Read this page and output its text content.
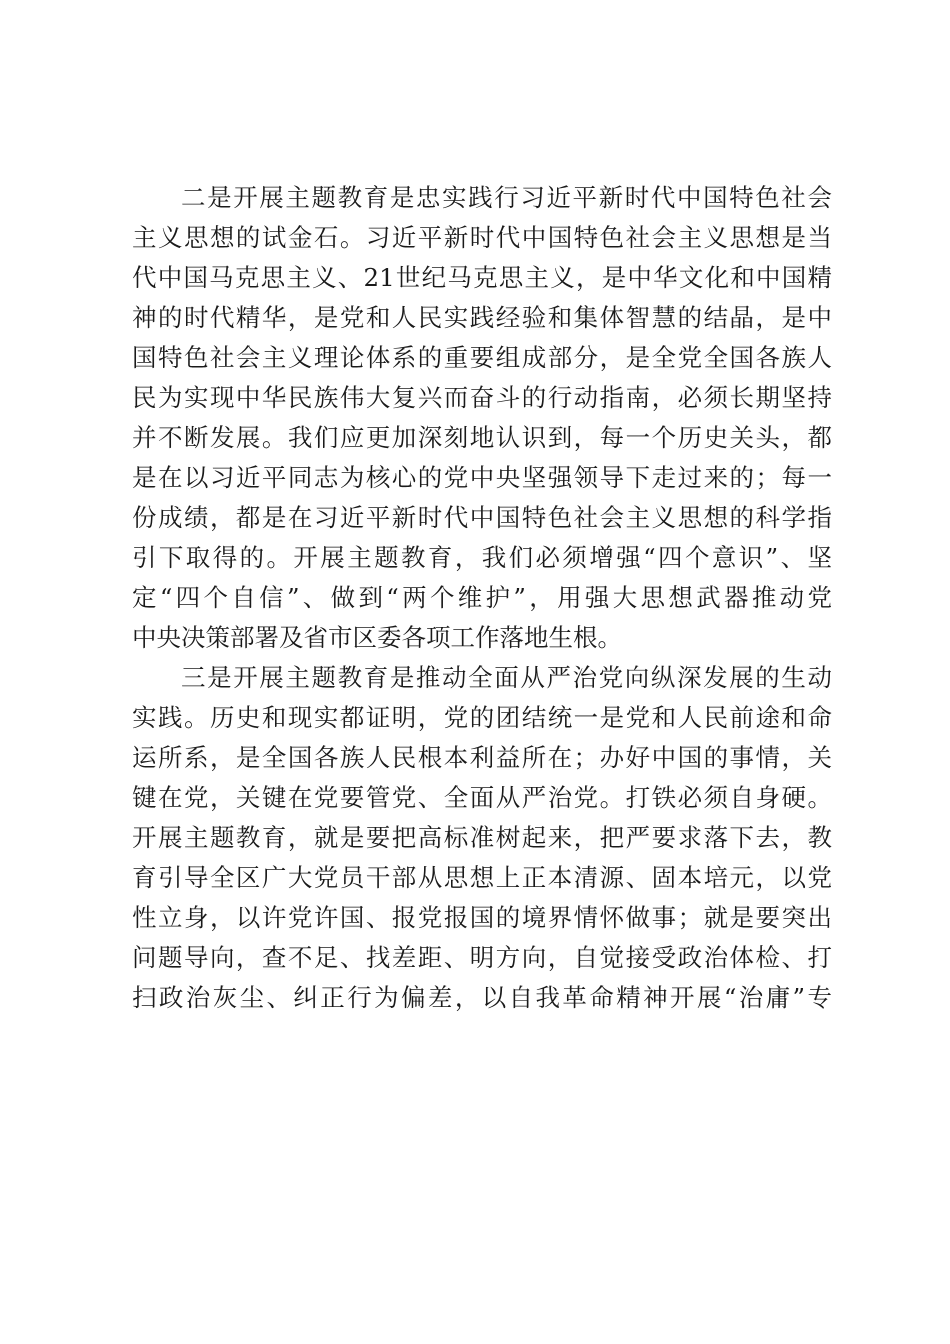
二是开展主题教育是忠实践行习近平新时代中国特色社会
主义思想的试金石。习近平新时代中国特色社会主义思想是当
代中国马克思主义、21世纪马克思主义，是中华文化和中国精
神的时代精华，是党和人民实践经验和集体智慧的结晶，是中
国特色社会主义理论体系的重要组成部分，是全党全国各族人
民为实现中华民族伟大复兴而奋斗的行动指南，必须长期坚持
并不断发展。我们应更加深刻地认识到，每一个历史关头，都
是在以习近平同志为核心的党中央坚强领导下走过来的；每一
份成绩，都是在习近平新时代中国特色社会主义思想的科学指
引下取得的。开展主题教育，我们必须增强“四个意识”、坚
定“四个自信”、做到“两个维护”，用强大思想武器推动党
中央决策部署及省市区委各项工作落地生根。
三是开展主题教育是推动全面从严治党向纵深发展的生动
实践。历史和现实都证明，党的团结统一是党和人民前途和命
运所系，是全国各族人民根本利益所在；办好中国的事情，关
键在党，关键在党要管党、全面从严治党。打铁必须自身硬。
开展主题教育，就是要把高标准树起来，把严要求落下去，教
育引导全区广大党员干部从思想上正本清源、固本培元，以党
性立身，以许党许国、报党报国的境界情怀做事；就是要突出
问题导向，查不足、找差距、明方向，自觉接受政治体检、打
扫政治灰尘、纠正行为偏差，以自我革命精神开展“治庸”专
